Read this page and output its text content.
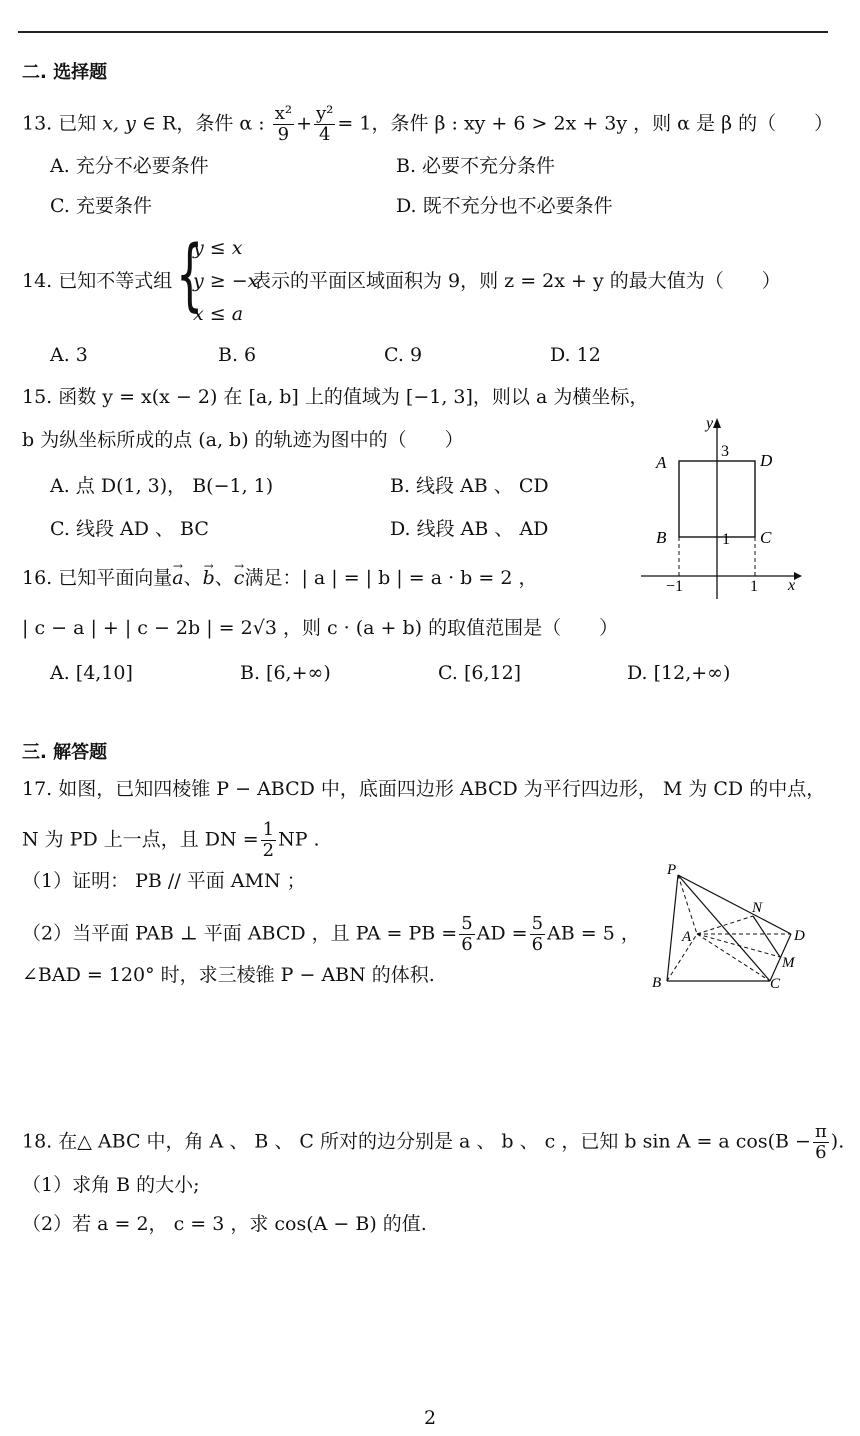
二. 选择题
13. 已知 x, y ∈ R，条件 α : $\frac{\text{x²}}{9} + \frac{\text{y²}}{4} = 1$，条件 β : xy + 6 > 2x + 3y ，则 α 是 β 的（　　）
A. 充分不必要条件	B. 必要不充分条件
C. 充要条件	D. 既不充分也不必要条件
14. 已知不等式组 {
y ≤ x
y ≥ −x
x ≤ a
表示的平面区域面积为 9，则 z = 2x + y 的最大值为（　　）
A. 3	B. 6	C. 9	D. 12
15. 函数 y = x(x − 2) 在 [a, b] 上的值域为 [−1, 3]，则以 a 为横坐标，
b 为纵坐标所成的点 (a, b) 的轨迹为图中的（　　）
A. 点 D(1, 3)， B(−1, 1)	B. 线段 AB 、 CD
C. 线段 AD 、 BC	D. 线段 AB 、 AD
y
x
3
1
−1	1
A	D
B	C
16. 已知平面向量→ a、→ b、→ c满足：| a | = | b | = a · b = 2 ，
| c − a | + | c − 2b | = 2√3 ，则 c · (a + b) 的取值范围是（　　）
A. [4,10]	B. [6,+∞)	C. [6,12]	D. [12,+∞)
三. 解答题
17. 如图，已知四棱锥 P − ABCD 中，底面四边形 ABCD 为平行四边形， M 为 CD 的中点，
N 为 PD 上一点，且 DN = $\frac{1}{2}$ NP .
（1）证明： PB // 平面 AMN ；
（2）当平面 PAB ⊥ 平面 ABCD ，且 PA = PB = $\frac{5}{6}$ AD = $\frac{5}{6}$ AB = 5 ，
∠BAD = 120° 时，求三棱锥 P − ABN 的体积.
P
N
A	D
M
B	C
18. 在△ ABC 中，角 A 、 B 、 C 所对的边分别是 a 、 b 、 c ，已知 b sin A = a $\cos(B - \frac{\pi}{6}$ ).
（1）求角 B 的大小;
（2）若 a = 2， c = 3 ，求 cos(A − B) 的值.
2
